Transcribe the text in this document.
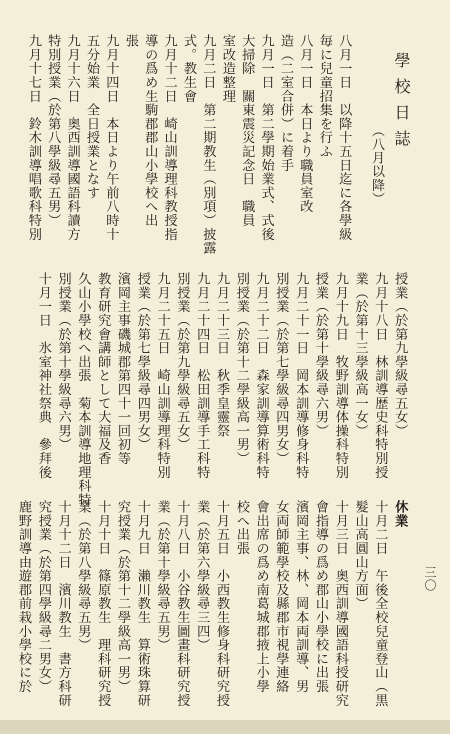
學校日誌
（八月以降）
三〇
八月一日　以降十五日迄に各學級
毎に兒童招集を行ふ
八月一日　本日より職員室改
造（二室合併）に着手
九月一日　第二學期始業式、式後
大掃除　關東震災記念日　職員
室改造整理
九月二日　第二期教生（別項）披露
式。教生會
九月十二日　崎山訓導理科教授指
導の爲め生駒郡郡山小學校へ出
張
九月十四日　本日より午前八時十
五分始業　全日授業となす
九月十六日　奥西訓導國語科讀方
特別授業（於第八學級尋五男）
九月十七日　鈴木訓導唱歌科特別
授業（於第九學級尋五女）
九月十八日　林訓導歴史科特別授
業（於第十三學級高一女）
九月十九日　牧野訓導体操科特別
授業（於第十學級尋六男）
九月二十一日　岡本訓導修身科特
別授業（於第七學級尋四男女）
九月二十二日　森家訓導算術科特
別授業（於第十二學級高一男）
九月二十三日　秋季皇靈祭
九月二十四日　松田訓導手工科特
別授業（於第九學級尋五女）
九月二十五日　崎山訓導理科特別
授業（於第七學級尋四男女）
濱岡主事磯城郡第四十一回初等
教育研究會講師として大福及香
久山小學校へ出張　菊本訓導地理科特
別授業（於第十學級尋六男）
十月一日　氷室神社祭典　參拜後
休業
十月二日　午後全校兒童登山（黒
髮山高圓山方面）
十月三日　奥西訓導國語科授研究
會指導の爲め郡山小學校に出張
濱岡主事、林、岡本両訓導、男
女両師範學校及縣郡市視學連絡
會出席の爲め南葛城郡掖上小學
校へ出張
十月五日　小西教生修身科研究授
業（於第六學級尋三四）
十月八日　小谷教生圖畫科研究授
業（於第十學級尋五男）
十月九日　瀨川教生　算術珠算研
究授業（於第十二學級高一男）
十月十日　篠原教生　理科研究授
業（於第八學級尋五男）
十月十二日　濱川教生　書方科研
究授業（於第四學級尋二男女）
鹿野訓導由遊郡前栽小學校に於
